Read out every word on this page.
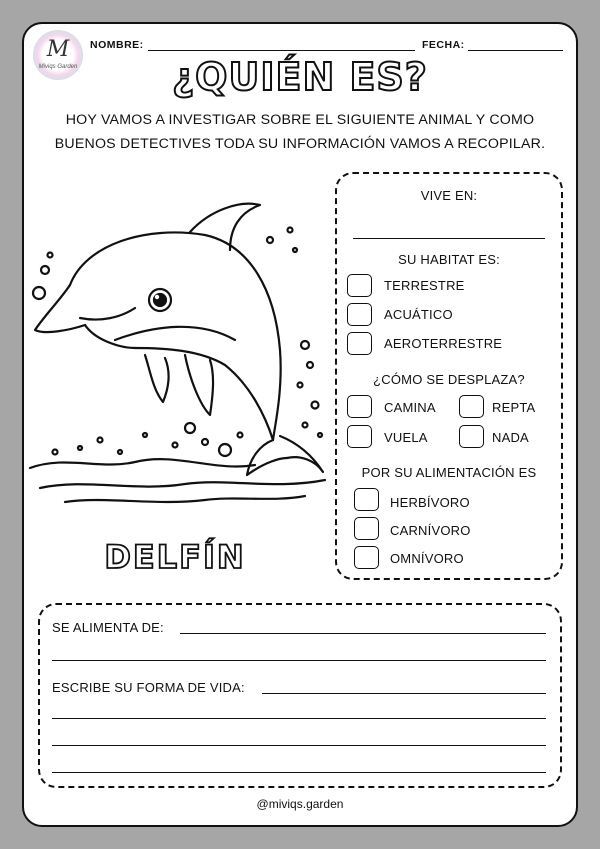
M
Miviqs Garden
NOMBRE:	FECHA:
¿QUIÉN ES?
HOY VAMOS A INVESTIGAR SOBRE EL SIGUIENTE ANIMAL Y COMO
BUENOS DETECTIVES TODA SU INFORMACIÓN VAMOS A RECOPILAR.
DELFÍN
VIVE EN:
SU HABITAT ES:
TERRESTRE
ACUÁTICO
AEROTERRESTRE
¿CÓMO SE DESPLAZA?
CAMINA	REPTA
VUELA	NADA
POR SU ALIMENTACIÓN ES
HERBÍVORO
CARNÍVORO
OMNÍVORO
SE ALIMENTA DE:
ESCRIBE SU FORMA DE VIDA:
@miviqs.garden
